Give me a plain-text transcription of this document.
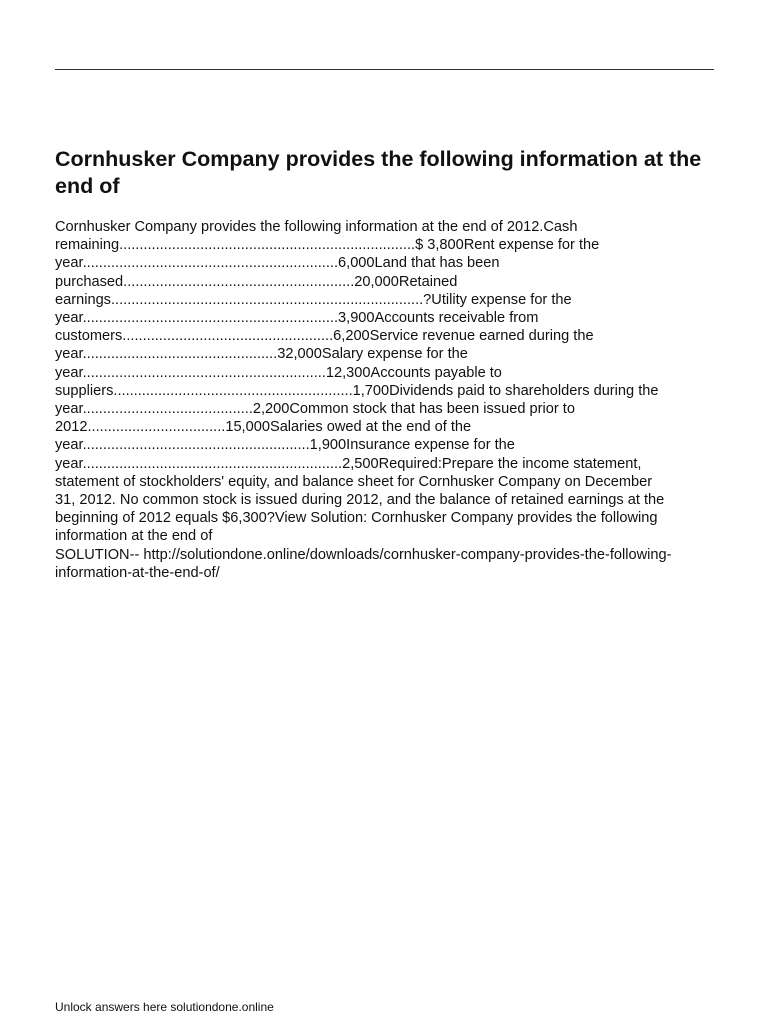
Cornhusker Company provides the following information at the end of
Cornhusker Company provides the following information at the end of 2012.Cash
remaining.........................................................................$ 3,800Rent expense for the
year...............................................................6,000Land that has been
purchased.........................................................20,000Retained
earnings.............................................................................?Utility expense for the
year...............................................................3,900Accounts receivable from
customers....................................................6,200Service revenue earned during the
year................................................32,000Salary expense for the
year............................................................12,300Accounts payable to
suppliers...........................................................1,700Dividends paid to shareholders during the
year..........................................2,200Common stock that has been issued prior to
2012..................................15,000Salaries owed at the end of the
year........................................................1,900Insurance expense for the
year................................................................2,500Required:Prepare the income statement,
statement of stockholders' equity, and balance sheet for Cornhusker Company on December
31, 2012. No common stock is issued during 2012, and the balance of retained earnings at the
beginning of 2012 equals $6,300?View Solution: Cornhusker Company provides the following
information at the end of
SOLUTION-- http://solutiondone.online/downloads/cornhusker-company-provides-the-following-
information-at-the-end-of/

Unlock answers here solutiondone.online
